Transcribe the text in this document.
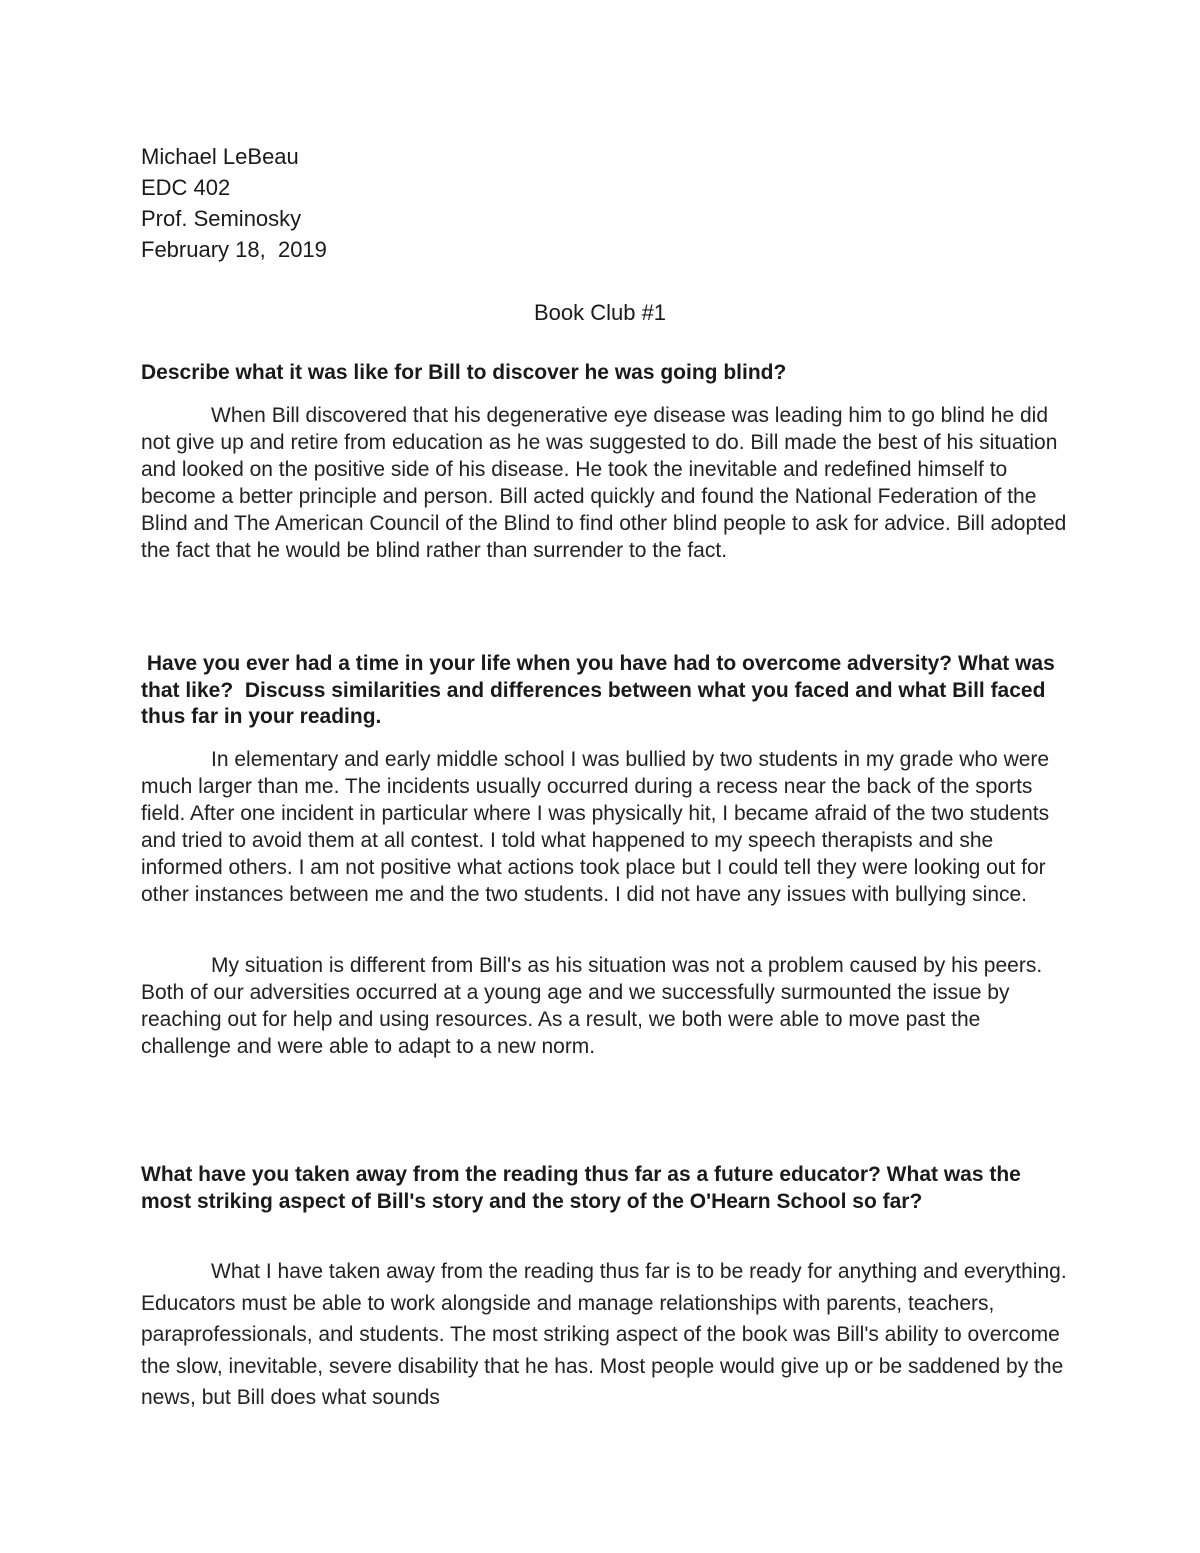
Michael LeBeau
EDC 402
Prof. Seminosky
February 18,  2019
Book Club #1

Describe what it was like for Bill to discover he was going blind?

When Bill discovered that his degenerative eye disease was leading him to go blind he did not give up and retire from education as he was suggested to do. Bill made the best of his situation and looked on the positive side of his disease. He took the inevitable and redefined himself to become a better principle and person. Bill acted quickly and found the National Federation of the Blind and The American Council of the Blind to find other blind people to ask for advice. Bill adopted the fact that he would be blind rather than surrender to the fact.

Have you ever had a time in your life when you have had to overcome adversity? What was that like?  Discuss similarities and differences between what you faced and what Bill faced thus far in your reading.

In elementary and early middle school I was bullied by two students in my grade who were much larger than me. The incidents usually occurred during a recess near the back of the sports field. After one incident in particular where I was physically hit, I became afraid of the two students and tried to avoid them at all contest. I told what happened to my speech therapists and she informed others. I am not positive what actions took place but I could tell they were looking out for other instances between me and the two students. I did not have any issues with bullying since.

My situation is different from Bill's as his situation was not a problem caused by his peers. Both of our adversities occurred at a young age and we successfully surmounted the issue by reaching out for help and using resources. As a result, we both were able to move past the challenge and were able to adapt to a new norm.

What have you taken away from the reading thus far as a future educator? What was the most striking aspect of Bill's story and the story of the O'Hearn School so far?

What I have taken away from the reading thus far is to be ready for anything and everything. Educators must be able to work alongside and manage relationships with parents, teachers, paraprofessionals, and students. The most striking aspect of the book was Bill's ability to overcome the slow, inevitable, severe disability that he has. Most people would give up or be saddened by the news, but Bill does what sounds
